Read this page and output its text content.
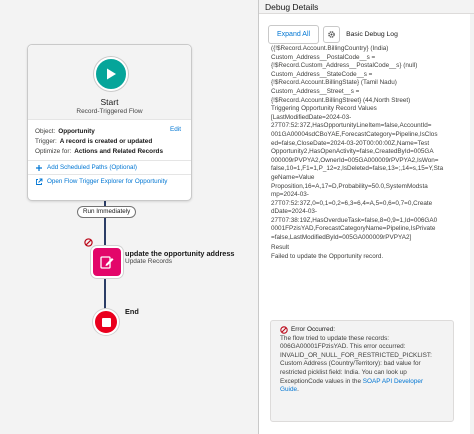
Start
Record-Triggered Flow
Edit
Object: Opportunity
Trigger: A record is created or updated
Optimize for: Actions and Related Records
Add Scheduled Paths (Optional)
Open Flow Trigger Explorer for Opportunity
Run Immediately
update the opportunity address
Update Records
End
Debug Details
Expand All	Basic Debug Log
({!$Record.Account.BillingCountry} (India)
Custom_Address__PostalCode__s =
{!$Record.Custom_Address__PostalCode__s} (null)
Custom_Address__StateCode__s =
{!$Record.Account.BillingState} (Tamil Nadu)
Custom_Address__Street__s =
{!$Record.Account.BillingStreet} (44,North Street)
Triggering Opportunity Record Values
[LastModifiedDate=2024-03-
27T07:52:37Z,HasOpportunityLineItem=false,AccountId=
001GA00004sdCBoYAE,ForecastCategory=Pipeline,IsClos
ed=false,CloseDate=2024-03-20T00:00:00Z,Name=Test
Opportunity2,HasOpenActivity=false,CreatedById=005GA
000009rPVPYA2,OwnerId=005GA000009rPVPYA2,IsWon=
false,10=1,F1=1,P_12=z,IsDeleted=false,13=;,14=s,15=Y,Sta
geName=Value
Proposition,16=A,17=D,Probability=50.0,SystemModsta
mp=2024-03-
27T07:52:37Z,0=0,1=0,2=6,3=6,4=A,5=0,6=0,7=0,Create
dDate=2024-03-
27T07:38:19Z,HasOverdueTask=false,8=0,9=1,Id=006GA0
0001FPzisYAD,ForecastCategoryName=Pipeline,IsPrivate
=false,LastModifiedById=005GA000009rPVPYA2]
Result
Failed to update the Opportunity record.
Error Occurred:
The flow tried to update these records:
006GA00001FPzisYAD. This error occurred:
INVALID_OR_NULL_FOR_RESTRICTED_PICKLIST:
Custom Address (Country/Territory): bad value for
restricted picklist field: India. You can look up
ExceptionCode values in the SOAP API Developer
Guide.
